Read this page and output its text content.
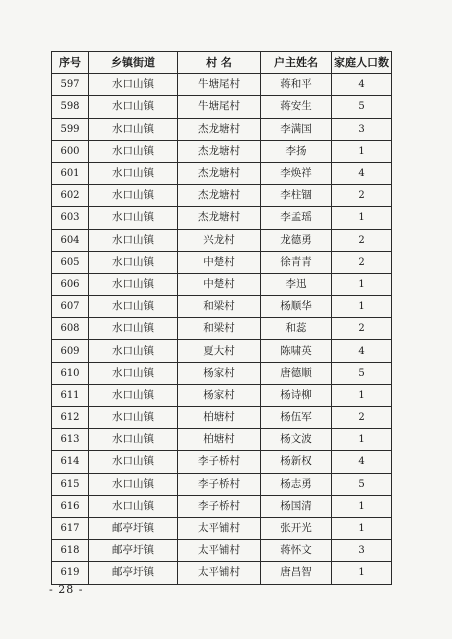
序号	乡镇街道	村 名	户主姓名	家庭人口数
597	水口山镇	牛塘尾村	蒋和平	4
598	水口山镇	牛塘尾村	蒋安生	5
599	水口山镇	杰龙塘村	李满国	3
600	水口山镇	杰龙塘村	李扬	1
601	水口山镇	杰龙塘村	李焕祥	4
602	水口山镇	杰龙塘村	李柱锢	2
603	水口山镇	杰龙塘村	李孟瑶	1
604	水口山镇	兴龙村	龙德勇	2
605	水口山镇	中楚村	徐青青	2
606	水口山镇	中楚村	李迅	1
607	水口山镇	和梁村	杨顺华	1
608	水口山镇	和梁村	和蕊	2
609	水口山镇	夏大村	陈啸英	4
610	水口山镇	杨家村	唐德顺	5
611	水口山镇	杨家村	杨诗柳	1
612	水口山镇	柏塘村	杨伍军	2
613	水口山镇	柏塘村	杨文波	1
614	水口山镇	李子桥村	杨新权	4
615	水口山镇	李子桥村	杨志勇	5
616	水口山镇	李子桥村	杨国清	1
617	邮亭圩镇	太平铺村	张开光	1
618	邮亭圩镇	太平铺村	蒋怀文	3
619	邮亭圩镇	太平铺村	唐昌智	1
- 28 -
